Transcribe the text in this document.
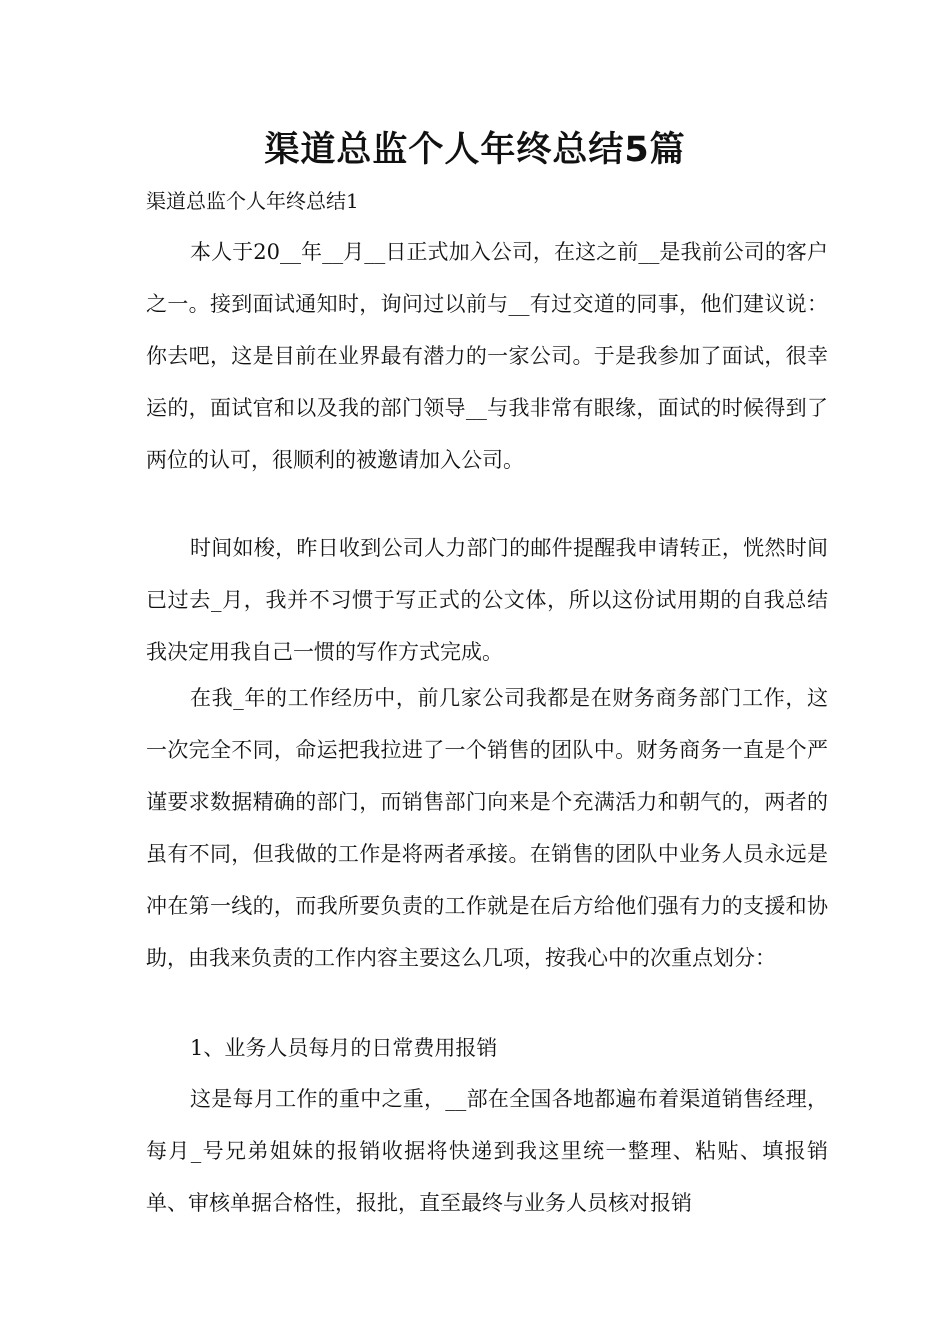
渠道总监个人年终总结5篇

渠道总监个人年终总结1

本人于20__年__月__日正式加入公司，在这之前__是我前公司的客户之一。接到面试通知时，询问过以前与__有过交道的同事，他们建议说：你去吧，这是目前在业界最有潜力的一家公司。于是我参加了面试，很幸运的，面试官和以及我的部门领导__与我非常有眼缘，面试的时候得到了两位的认可，很顺利的被邀请加入公司。

时间如梭，昨日收到公司人力部门的邮件提醒我申请转正，恍然时间已过去_月，我并不习惯于写正式的公文体，所以这份试用期的自我总结我决定用我自己一惯的写作方式完成。

在我_年的工作经历中，前几家公司我都是在财务商务部门工作，这一次完全不同，命运把我拉进了一个销售的团队中。财务商务一直是个严谨要求数据精确的部门，而销售部门向来是个充满活力和朝气的，两者的虽有不同，但我做的工作是将两者承接。在销售的团队中业务人员永远是冲在第一线的，而我所要负责的工作就是在后方给他们强有力的支援和协助，由我来负责的工作内容主要这么几项，按我心中的次重点划分：

1、业务人员每月的日常费用报销

这是每月工作的重中之重，__部在全国各地都遍布着渠道销售经理，每月_号兄弟姐妹的报销收据将快递到我这里统一整理、粘贴、填报销单、审核单据合格性，报批，直至最终与业务人员核对报销
